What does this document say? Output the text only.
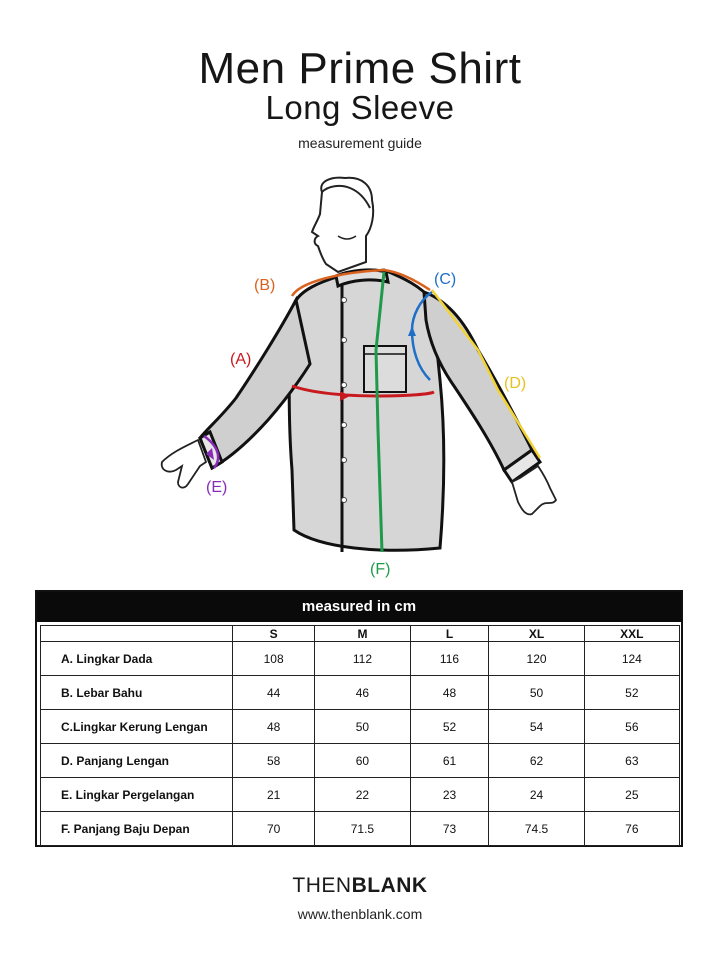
Men Prime Shirt
Long Sleeve
measurement guide
(B)	(C)
(A)
(D)
(E)
(F)
measured in cm
	S	M	L	XL	XXL
A. Lingkar Dada	108	112	116	120	124
B. Lebar Bahu	44	46	48	50	52
C.Lingkar Kerung Lengan	48	50	52	54	56
D. Panjang Lengan	58	60	61	62	63
E. Lingkar Pergelangan	21	22	23	24	25
F. Panjang Baju Depan	70	71.5	73	74.5	76
THENBLANK
www.thenblank.com
